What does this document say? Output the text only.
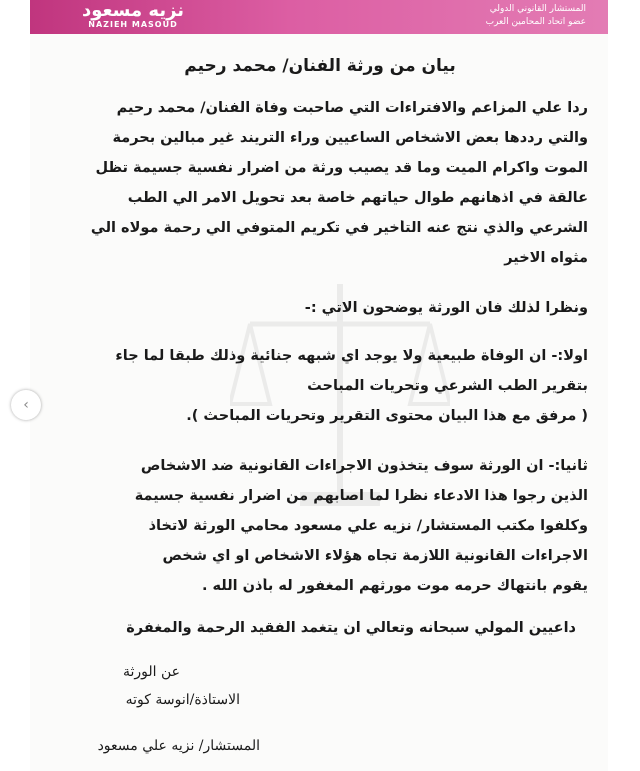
نزيه مسعود
NAZIEH MASOUD
المستشار القانوني الدولي
عضو اتحاد المحامين العرب
‹
بيان من ورثة الفنان/ محمد رحيم
ردا علي المزاعم والافتراءات التي صاحبت وفاة الفنان/ محمد رحيم
والتي رددها بعض الاشخاص الساعيين وراء التريند غير مبالين بحرمة
الموت واكرام الميت وما قد يصيب ورثة من اضرار نفسية جسيمة تظل
عالقة في اذهانهم طوال حياتهم خاصة بعد تحويل الامر الي الطب
الشرعي والذي نتج عنه التأخير في تكريم المتوفي الي رحمة مولاه الي
مثواه الاخير
ونظرا لذلك فان الورثة يوضحون الاتي :-
اولا:- ان الوفاة طبيعية ولا يوجد اي شبهه جنائية وذلك طبقا لما جاء
بتقرير الطب الشرعي وتحريات المباحث
( مرفق مع هذا البيان محتوى التقرير وتحريات المباحث ).
ثانيا:- ان الورثة سوف يتخذون الاجراءات القانونية ضد الاشخاص
الذين رجوا هذا الادعاء نظرا لما اصابهم من اضرار نفسية جسيمة
وكلفوا مكتب المستشار/ نزيه علي مسعود محامي الورثة لاتخاذ
الاجراءات القانونية اللازمة تجاه هؤلاء الاشخاص او اي شخص
يقوم بانتهاك حرمه موت مورثهم المغفور له بأذن الله .
داعيين المولي سبحانه وتعالي ان يتغمد الفقيد الرحمة والمغفرة
عن الورثة
الاستاذة/انوسة كوته
المستشار/ نزيه علي مسعود
